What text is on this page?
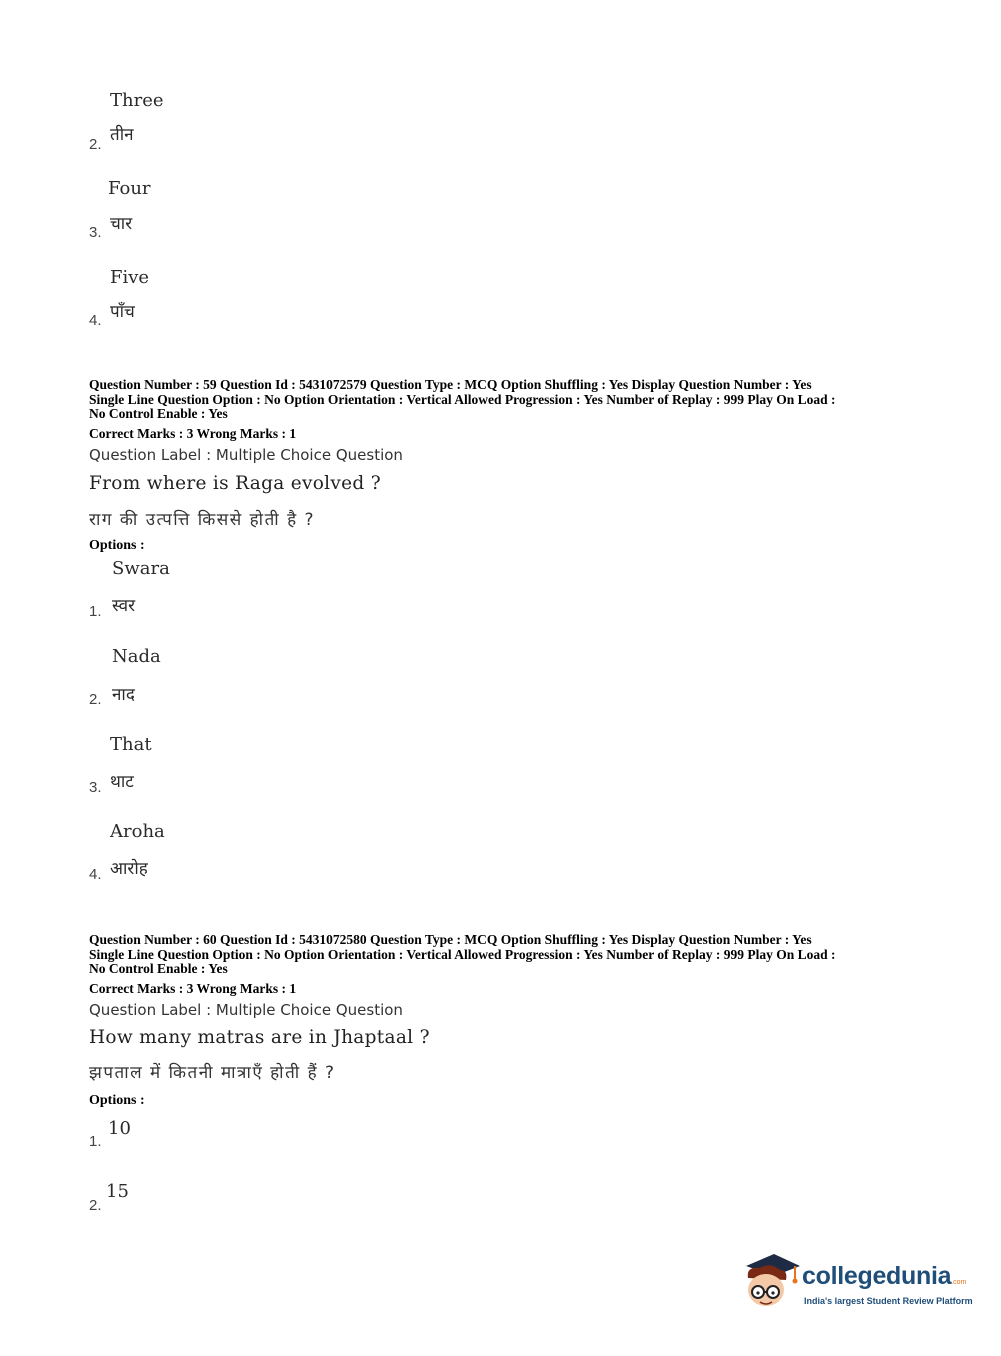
Three
तीन
2.
Four
चार
3.
Five
पाँच
4.
Question Number : 59 Question Id : 5431072579 Question Type : MCQ Option Shuffling : Yes Display Question Number : Yes
Single Line Question Option : No Option Orientation : Vertical Allowed Progression : Yes Number of Replay : 999 Play On Load :
No Control Enable : Yes
Correct Marks : 3 Wrong Marks : 1
Question Label : Multiple Choice Question
From where is Raga evolved ?
राग की उत्पत्ति किससे होती है ?
Options :
Swara
स्वर
1.
Nada
नाद
2.
That
थाट
3.
Aroha
आरोह
4.
Question Number : 60 Question Id : 5431072580 Question Type : MCQ Option Shuffling : Yes Display Question Number : Yes
Single Line Question Option : No Option Orientation : Vertical Allowed Progression : Yes Number of Replay : 999 Play On Load :
No Control Enable : Yes
Correct Marks : 3 Wrong Marks : 1
Question Label : Multiple Choice Question
How many matras are in Jhaptaal ?
झपताल में कितनी मात्राएँ होती हैं ?
Options :
10
1.
15
2.
collegedunia.com
India's largest Student Review Platform
